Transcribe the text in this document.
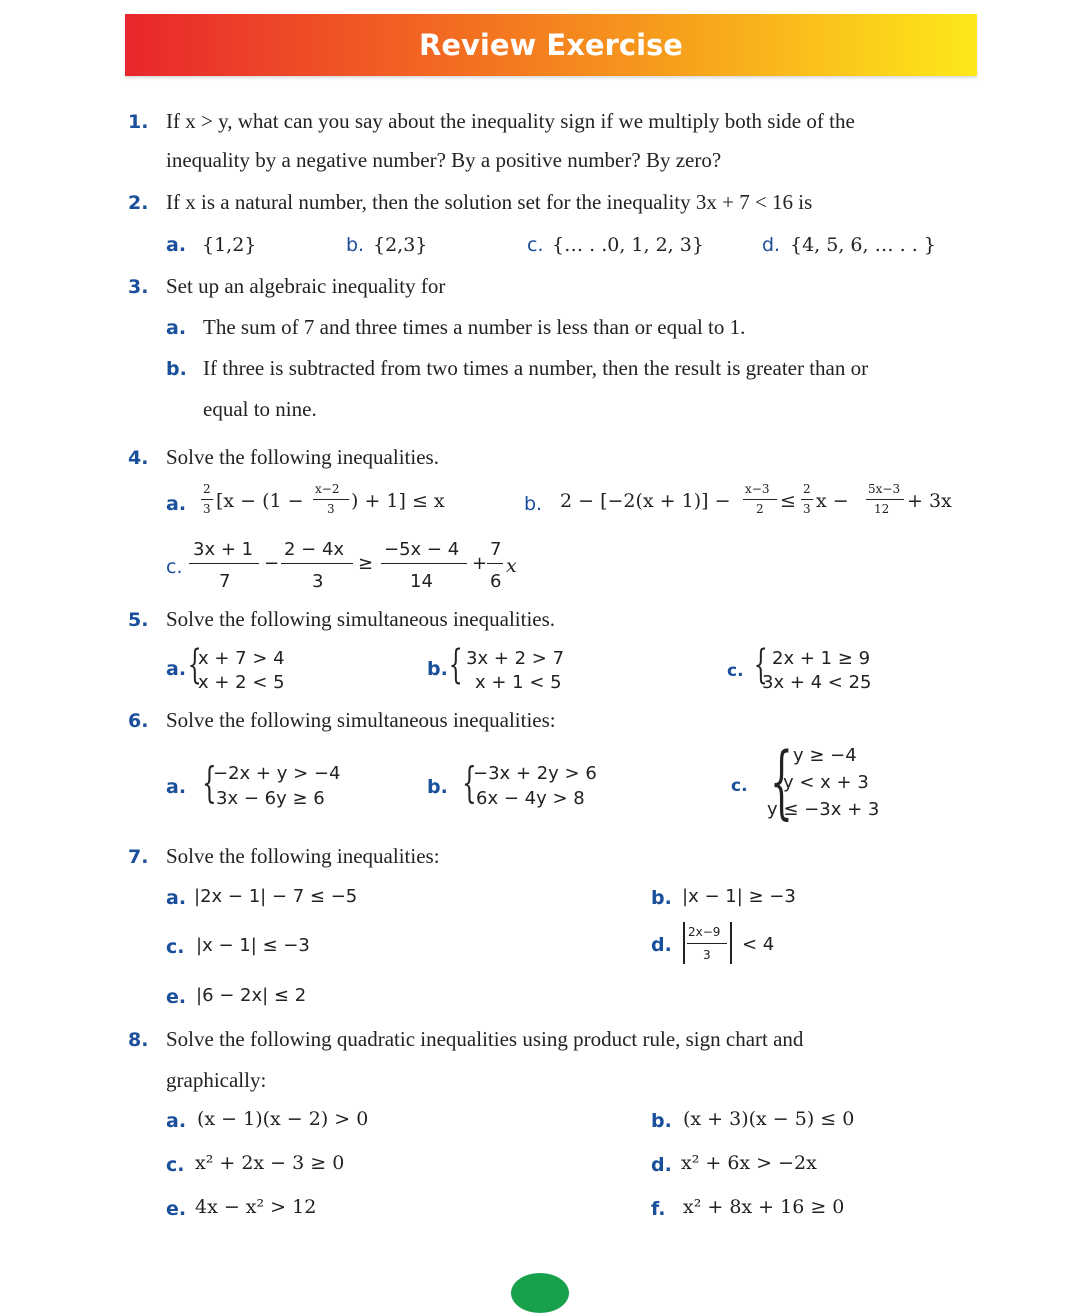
Review Exercise
1. If x > y, what can you say about the inequality sign if we multiply both side of the
inequality by a negative number? By a positive number? By zero?
2. If x is a natural number, then the solution set for the inequality 3x + 7 < 16 is
a. {1,2}	b. {2,3}	c. {… . .0, 1, 2, 3}	d. {4, 5, 6, … . . }
3. Set up an algebraic inequality for
a. The sum of 7 and three times a number is less than or equal to 1.
b. If three is subtracted from two times a number, then the result is greater than or
equal to nine.
4. Solve the following inequalities.
a.
2
3 [x − (1 −
x−2
3 ) + 1] ≤ x	b. 2 − [−2(x + 1)] −
x−3
2 ≤
2
3 x −
5x−3
12 + 3x
c.
3x + 1
7
−
2 − 4x
3
≥
−5x − 4
14
+
7
6
x
5. Solve the following simultaneous inequalities.
a. {
x + 7 > 4
x + 2 < 5
b. { 3x + 2 > 7
x + 1 < 5
c. { 2x + 1 ≥ 9
3x + 4 < 25
6. Solve the following simultaneous inequalities:
a. {
−2x + y > −4
3x − 6y ≥ 6
b. {
−3x + 2y > 6
6x − 4y > 8
c. { y ≥ −4
y < x + 3
y ≤ −3x + 3
7. Solve the following inequalities:
a. |2x − 1| − 7 ≤ −5	b. |x − 1| ≥ −3
c. |x − 1| ≤ −3	d.
2x−9
3 < 4
e. |6 − 2x| ≤ 2
8. Solve the following quadratic inequalities using product rule, sign chart and
graphically:
a. (x − 1)(x − 2) > 0	b. (x + 3)(x − 5) ≤ 0
c. x² + 2x − 3 ≥ 0	d. x² + 6x > −2x
e. 4x − x² > 12	f. x² + 8x + 16 ≥ 0
